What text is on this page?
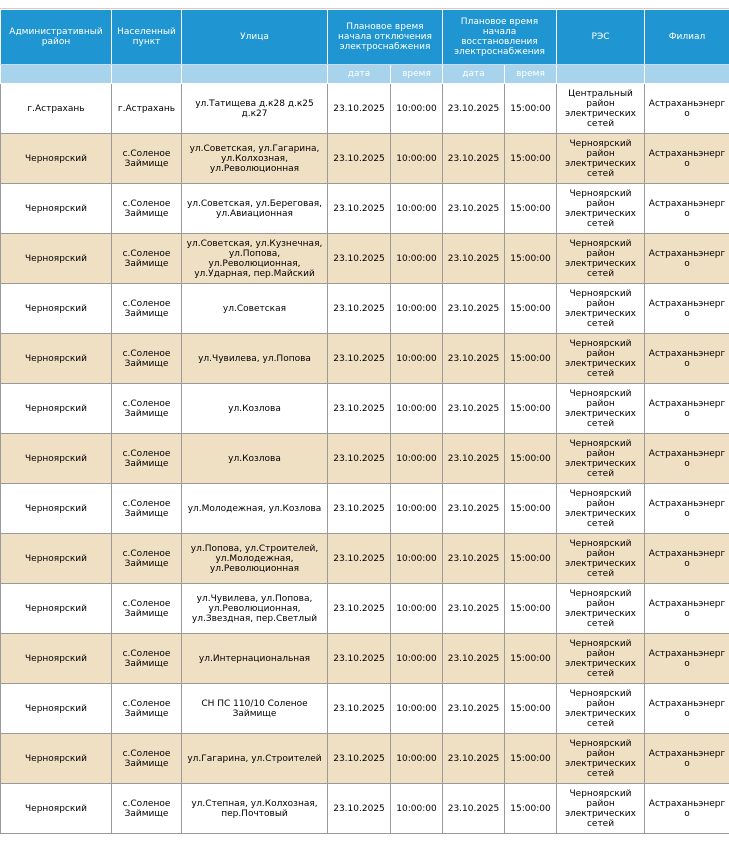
Административный район	Населенный пункт	Улица	Плановое время начала отключения электроснабжения		Плановое время начала восстановления электроснабжения		РЭС	Филиал
			дата	время	дата	время		
г.Астрахань	г.Астрахань	ул.Татищева д.к28 д.к25 д.к27	23.10.2025	10:00:00	23.10.2025	15:00:00	Центральный район электрических сетей	Астраханьэнерго
Черноярский	с.Соленое Займище	ул.Советская, ул.Гагарина, ул.Колхозная, ул.Революционная	23.10.2025	10:00:00	23.10.2025	15:00:00	Черноярский район электрических сетей	Астраханьэнерго
Черноярский	с.Соленое Займище	ул.Советская, ул.Береговая, ул.Авиационная	23.10.2025	10:00:00	23.10.2025	15:00:00	Черноярский район электрических сетей	Астраханьэнерго
Черноярский	с.Соленое Займище	ул.Советская, ул.Кузнечная, ул.Попова, ул.Революционная, ул.Ударная, пер.Майский	23.10.2025	10:00:00	23.10.2025	15:00:00	Черноярский район электрических сетей	Астраханьэнерго
Черноярский	с.Соленое Займище	ул.Советская	23.10.2025	10:00:00	23.10.2025	15:00:00	Черноярский район электрических сетей	Астраханьэнерго
Черноярский	с.Соленое Займище	ул.Чувилева, ул.Попова	23.10.2025	10:00:00	23.10.2025	15:00:00	Черноярский район электрических сетей	Астраханьэнерго
Черноярский	с.Соленое Займище	ул.Козлова	23.10.2025	10:00:00	23.10.2025	15:00:00	Черноярский район электрических сетей	Астраханьэнерго
Черноярский	с.Соленое Займище	ул.Козлова	23.10.2025	10:00:00	23.10.2025	15:00:00	Черноярский район электрических сетей	Астраханьэнерго
Черноярский	с.Соленое Займище	ул.Молодежная, ул.Козлова	23.10.2025	10:00:00	23.10.2025	15:00:00	Черноярский район электрических сетей	Астраханьэнерго
Черноярский	с.Соленое Займище	ул.Попова, ул.Строителей, ул.Молодежная, ул.Революционная	23.10.2025	10:00:00	23.10.2025	15:00:00	Черноярский район электрических сетей	Астраханьэнерго
Черноярский	с.Соленое Займище	ул.Чувилева, ул.Попова, ул.Революционная, ул.Звездная, пер.Светлый	23.10.2025	10:00:00	23.10.2025	15:00:00	Черноярский район электрических сетей	Астраханьэнерго
Черноярский	с.Соленое Займище	ул.Интернациональная	23.10.2025	10:00:00	23.10.2025	15:00:00	Черноярский район электрических сетей	Астраханьэнерго
Черноярский	с.Соленое Займище	СН ПС 110/10 Соленое Займище	23.10.2025	10:00:00	23.10.2025	15:00:00	Черноярский район электрических сетей	Астраханьэнерго
Черноярский	с.Соленое Займище	ул.Гагарина, ул.Строителей	23.10.2025	10:00:00	23.10.2025	15:00:00	Черноярский район электрических сетей	Астраханьэнерго
Черноярский	с.Соленое Займище	ул.Степная, ул.Колхозная, пер.Почтовый	23.10.2025	10:00:00	23.10.2025	15:00:00	Черноярский район электрических сетей	Астраханьэнерго
